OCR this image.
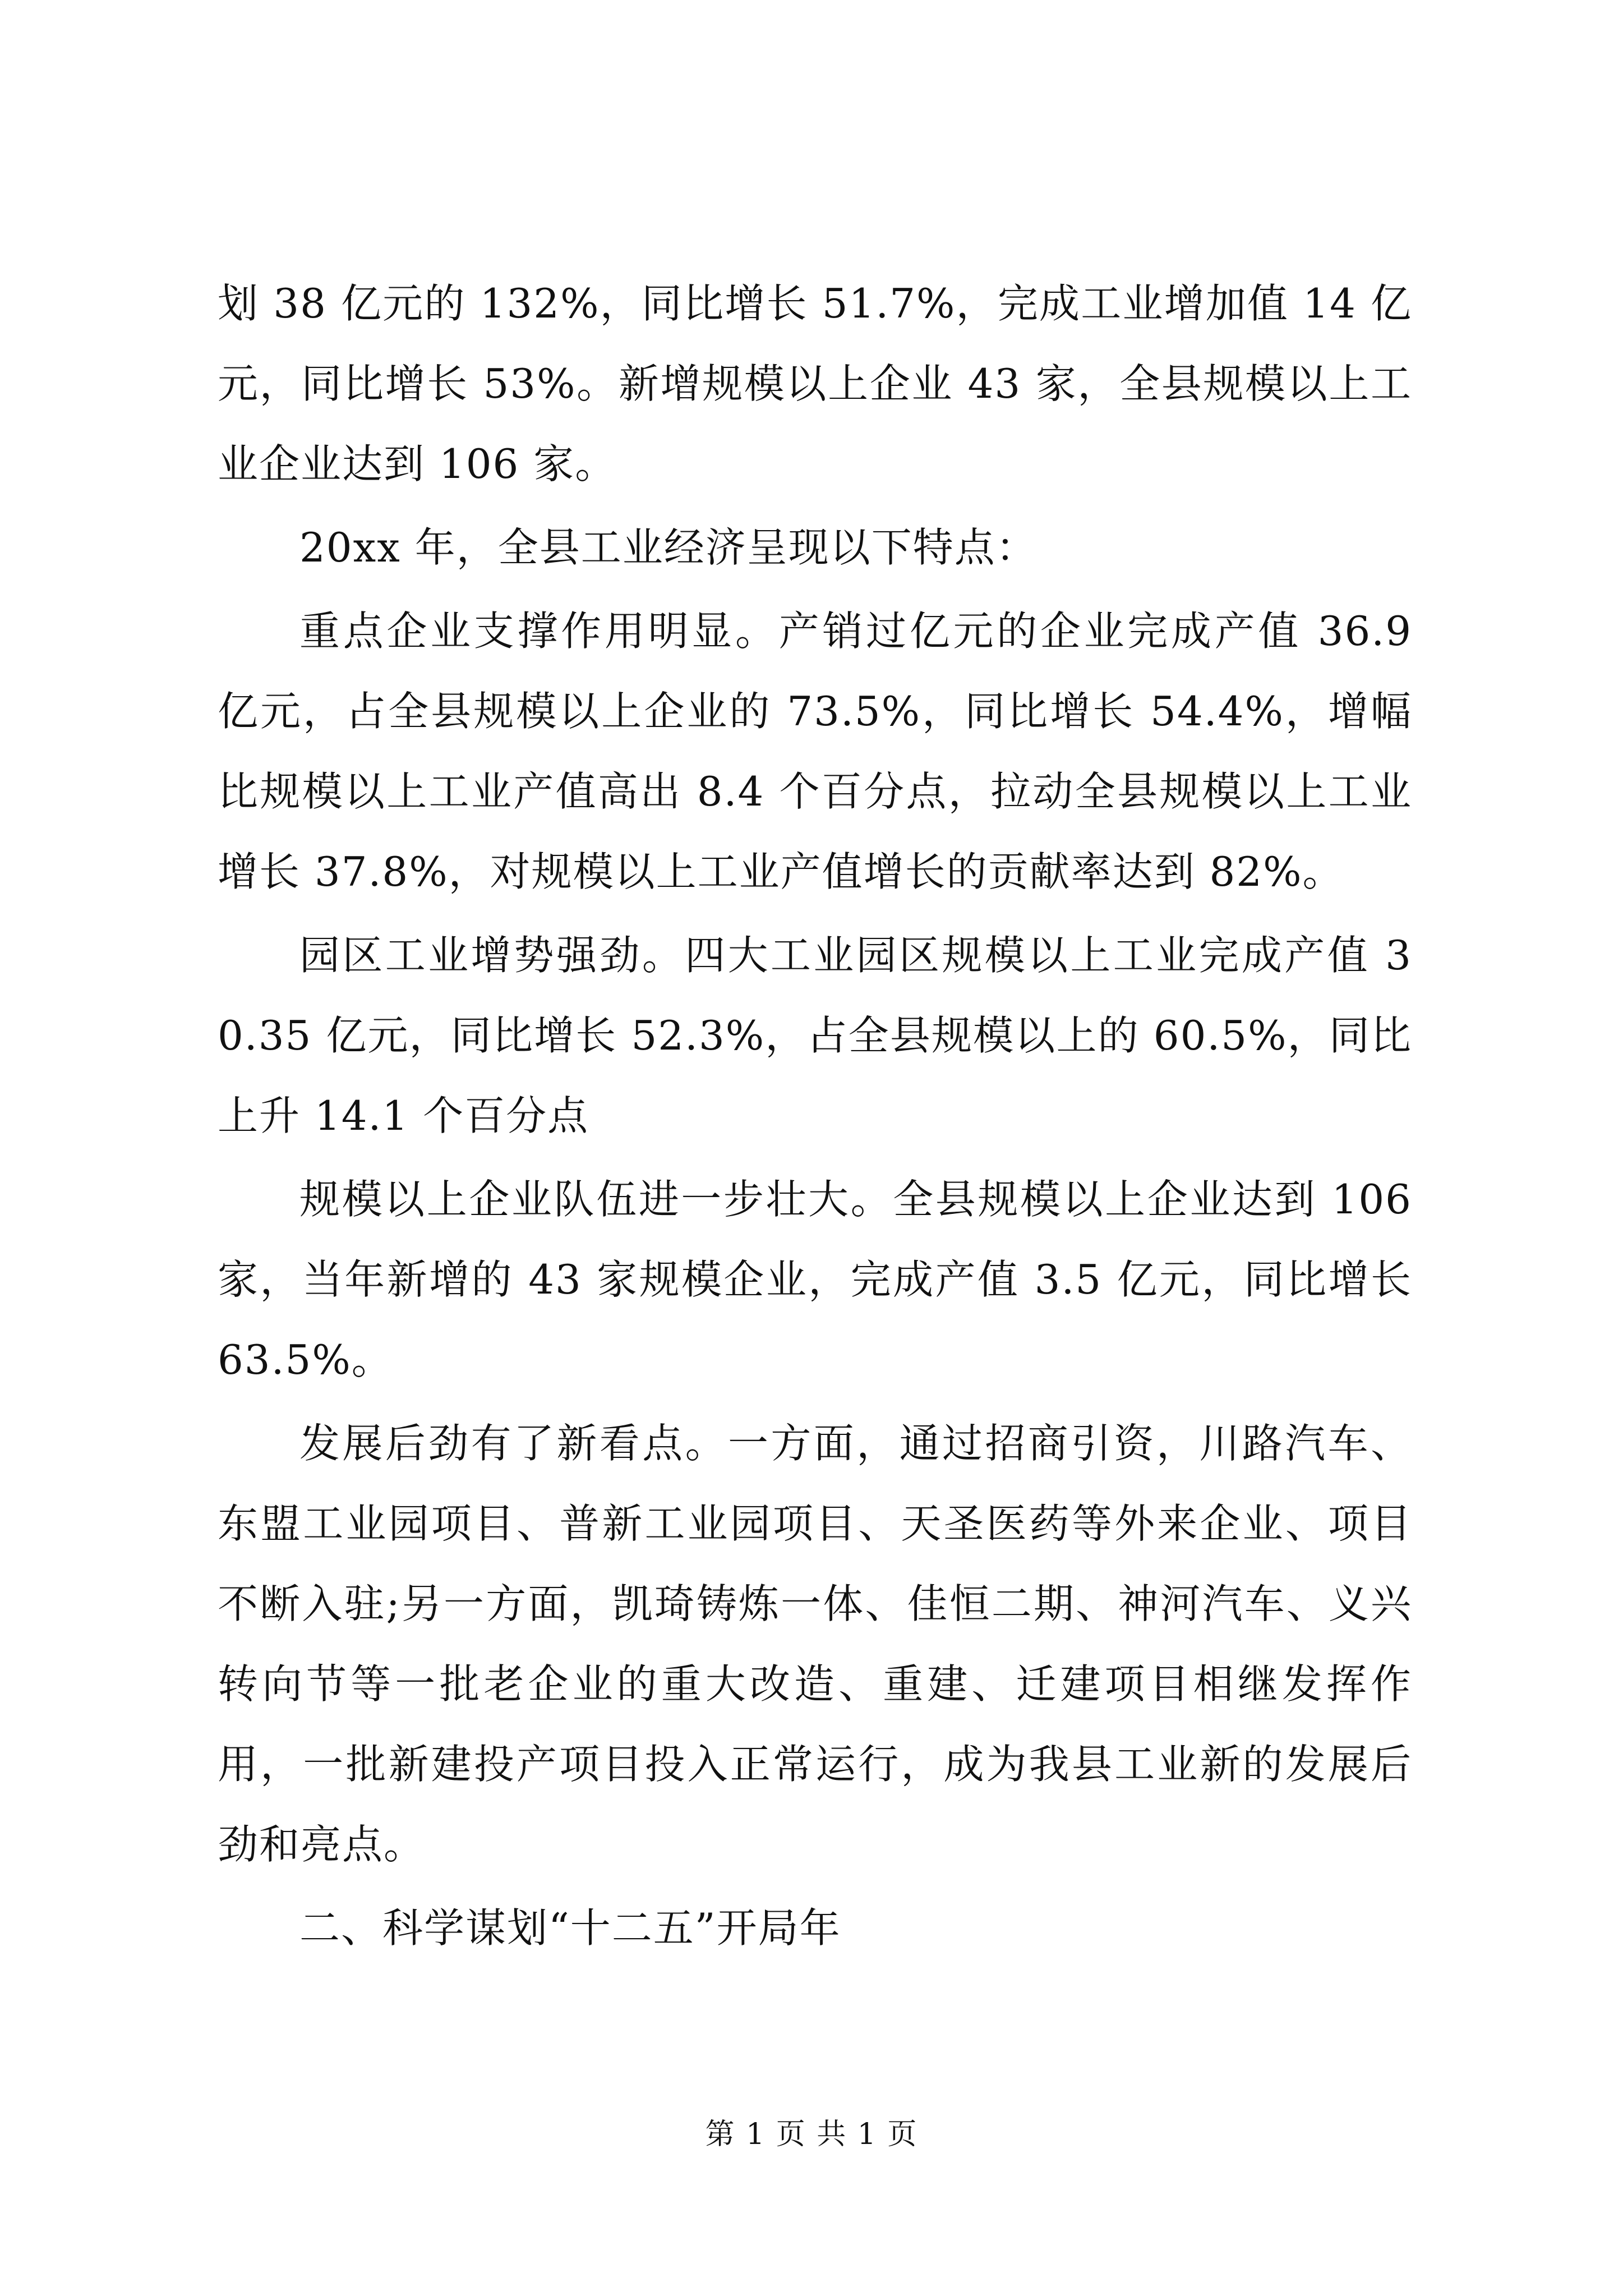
划 38 亿元的 132%，同比增长 51.7%，完成工业增加值 14 亿元，同比增长 53%。新增规模以上企业 43 家，全县规模以上工业企业达到 106 家。

20xx 年，全县工业经济呈现以下特点：

重点企业支撑作用明显。产销过亿元的企业完成产值 36.9 亿元，占全县规模以上企业的 73.5%，同比增长 54.4%，增幅比规模以上工业产值高出 8.4 个百分点，拉动全县规模以上工业增长 37.8%，对规模以上工业产值增长的贡献率达到 82%。

园区工业增势强劲。四大工业园区规模以上工业完成产值 30.35 亿元，同比增长 52.3%，占全县规模以上的 60.5%，同比上升 14.1 个百分点

规模以上企业队伍进一步壮大。全县规模以上企业达到 106 家，当年新增的 43 家规模企业，完成产值 3.5 亿元，同比增长 63.5%。

发展后劲有了新看点。一方面，通过招商引资，川路汽车、东盟工业园项目、普新工业园项目、天圣医药等外来企业、项目不断入驻;另一方面，凯琦铸炼一体、佳恒二期、神河汽车、义兴转向节等一批老企业的重大改造、重建、迁建项目相继发挥作用，一批新建投产项目投入正常运行，成为我县工业新的发展后劲和亮点。

二、科学谋划“十二五”开局年

第 1 页 共 1 页
